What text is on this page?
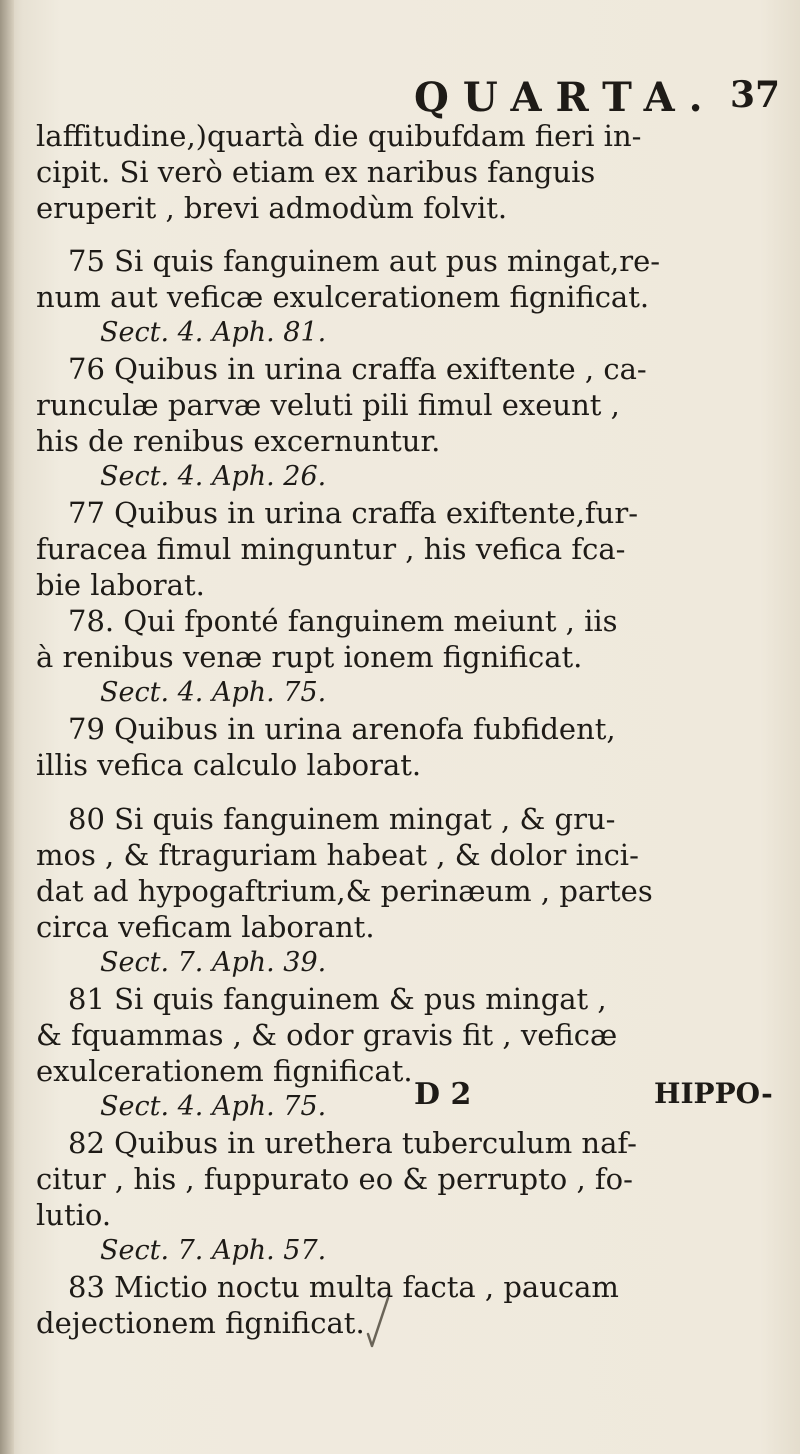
QUARTA. 37
laffitudine,)quartà die quibufdam fieri in-
cipit. Si verò etiam ex naribus fanguis
eruperit , brevi admodùm folvit.
75 Si quis fanguinem aut pus mingat,re-
num aut veficæ exulcerationem fignificat.
Sect. 4. Aph. 81.
76 Quibus in urina craffa exiftente , ca-
runculæ parvæ veluti pili fimul exeunt ,
his de renibus excernuntur.
Sect. 4. Aph. 26.
77 Quibus in urina craffa exiftente,fur-
furacea fimul minguntur , his vefica fca-
bie laborat.
78. Qui fponté fanguinem meiunt , iis
à renibus venæ rupt ionem fignificat.
Sect. 4. Aph. 75.
79 Quibus in urina arenofa fubfident,
illis vefica calculo laborat.
80 Si quis fanguinem mingat , & gru-
mos , & ftraguriam habeat , & dolor inci-
dat ad hypogaftrium,& perinæum , partes
circa veficam laborant.
Sect. 7. Aph. 39.
81 Si quis fanguinem & pus mingat ,
& fquammas , & odor gravis fit , veficæ
exulcerationem fignificat.
Sect. 4. Aph. 75.
82 Quibus in urethera tuberculum naf-
citur , his , fuppurato eo & perrupto , fo-
lutio.
Sect. 7. Aph. 57.
83 Mictio noctu multa facta , paucam
dejectionem fignificat.
D 2	HIPPO-
